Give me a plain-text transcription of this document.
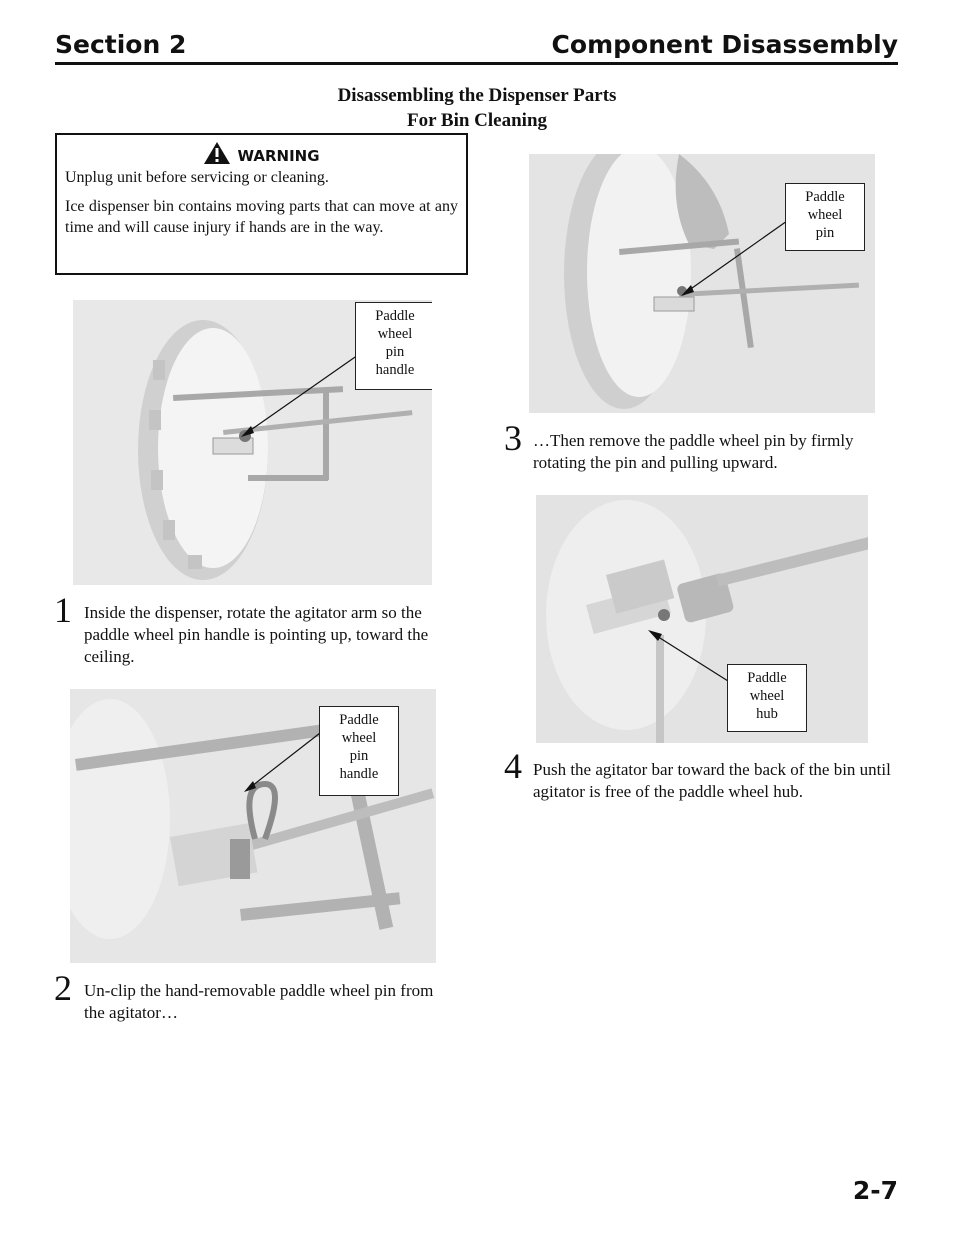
Section 2	Component Disassembly
Disassembling the Dispenser Parts
For Bin Cleaning
WARNING

Unplug unit before servicing or cleaning.

Ice dispenser bin contains moving parts that can move at any time and will cause injury if hands are in the way.

Paddle
wheel
pin
handle
1 Inside the dispenser, rotate the agitator arm so the paddle wheel pin handle is pointing up, toward the ceiling.
Paddle
wheel
pin
handle
2 Un-clip the hand-removable paddle wheel pin from the agitator…
Paddle
wheel
pin
3 …Then remove the paddle wheel pin by firmly rotating the pin and pulling upward.
Paddle
wheel
hub
4 Push the agitator bar toward the back of the bin until agitator is free of the paddle wheel hub.
2-7
